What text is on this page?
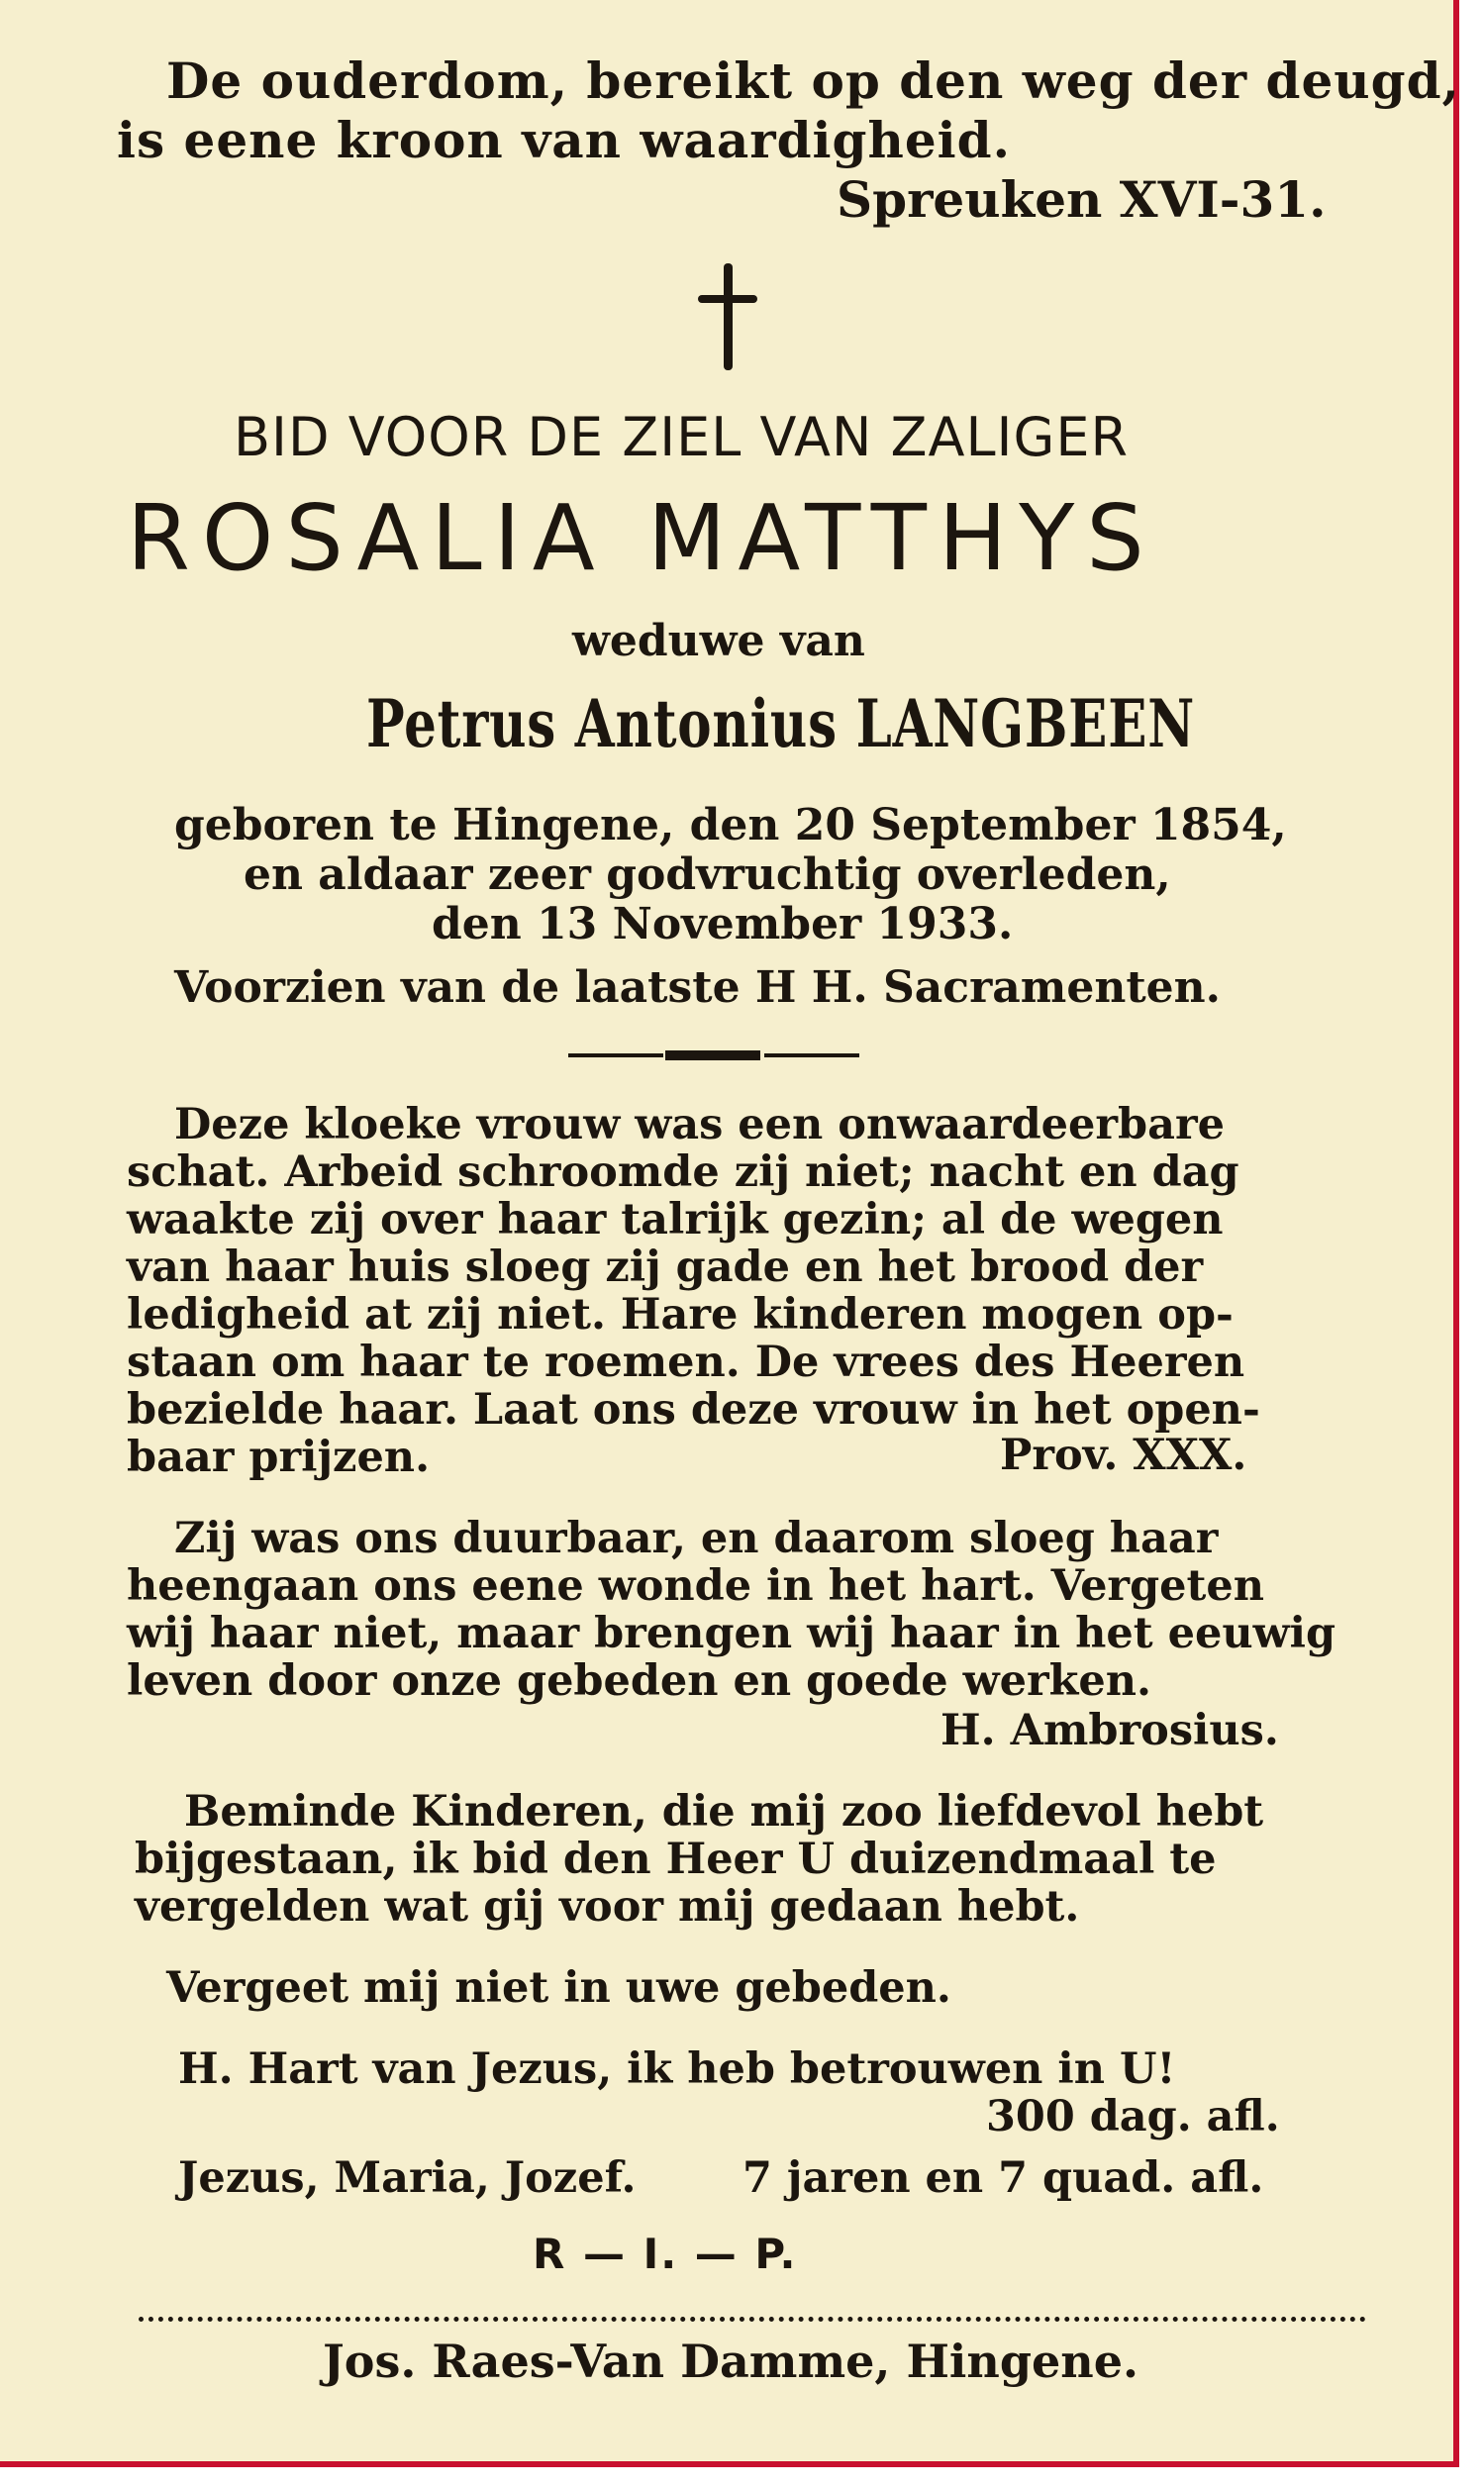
De ouderdom, bereikt op den weg der deugd,

is eene kroon van waardigheid.

Spreuken XVI-31.

BID VOOR DE ZIEL VAN ZALIGER

ROSALIA MATTHYS

weduwe van

Petrus Antonius LANGBEEN

geboren te Hingene, den 20 September 1854,

en aldaar zeer godvruchtig overleden,

den 13 November 1933.

Voorzien van de laatste H H. Sacramenten.

Deze kloeke vrouw was een onwaardeerbare

schat. Arbeid schroomde zij niet; nacht en dag

waakte zij over haar talrijk gezin; al de wegen

van haar huis sloeg zij gade en het brood der

ledigheid at zij niet. Hare kinderen mogen op-

staan om haar te roemen. De vrees des Heeren

bezielde haar. Laat ons deze vrouw in het open-

baar prijzen.	Prov. XXX.

Zij was ons duurbaar, en daarom sloeg haar

heengaan ons eene wonde in het hart. Vergeten

wij haar niet, maar brengen wij haar in het eeuwig

leven door onze gebeden en goede werken.

H. Ambrosius.

Beminde Kinderen, die mij zoo liefdevol hebt

bijgestaan, ik bid den Heer U duizendmaal te

vergelden wat gij voor mij gedaan hebt.

Vergeet mij niet in uwe gebeden.

H. Hart van Jezus, ik heb betrouwen in U!

300 dag. afl.

Jezus, Maria, Jozef. 7 jaren en 7 quad. afl.

R — I. — P.

Jos. Raes-Van Damme, Hingene.
